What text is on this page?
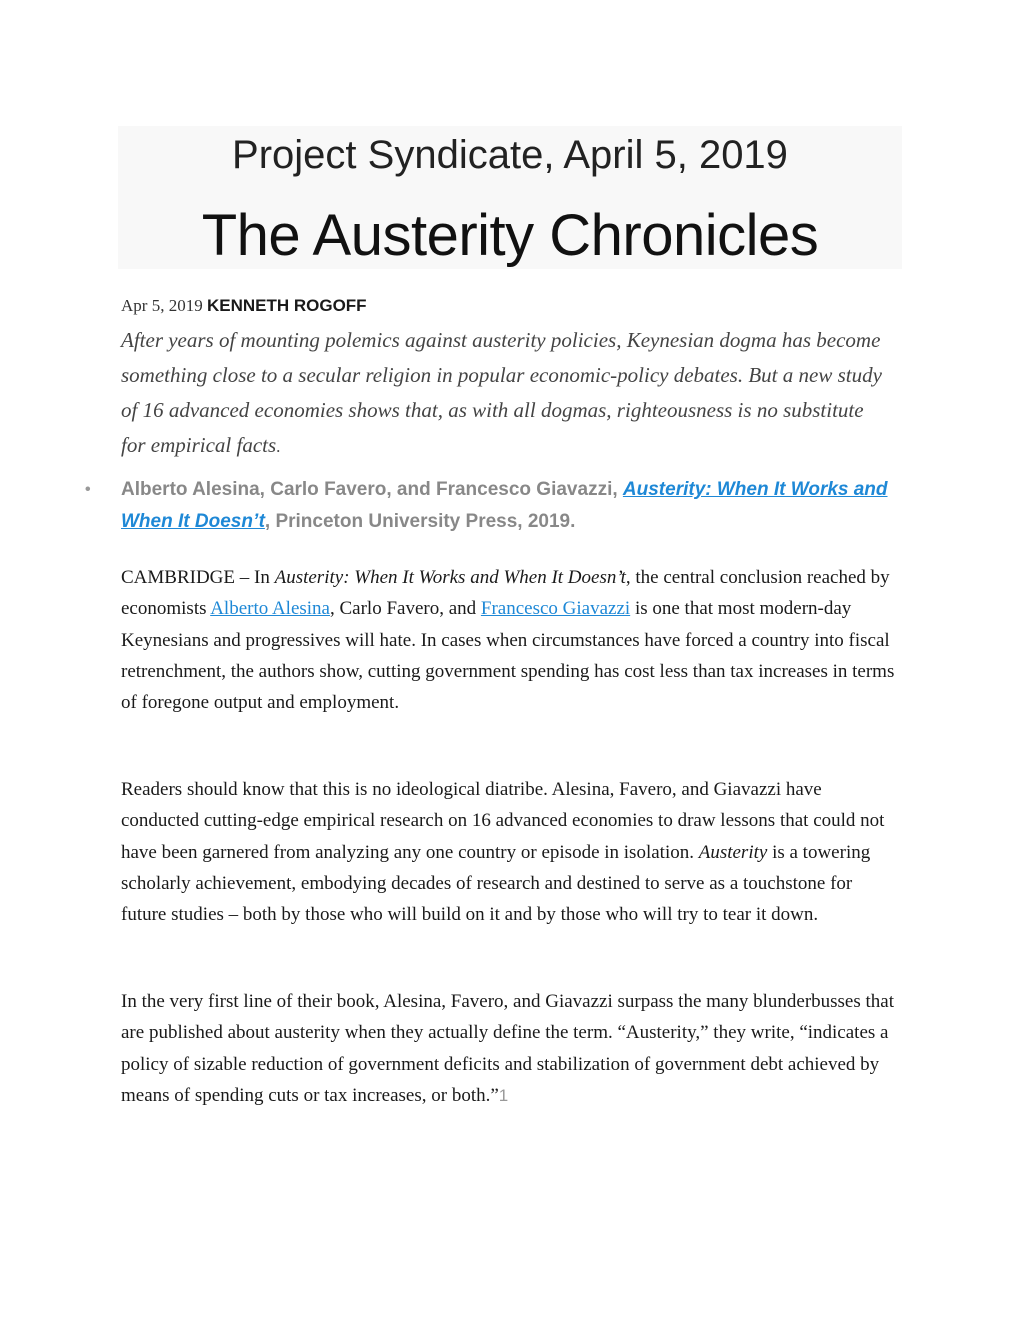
Project Syndicate, April 5, 2019
The Austerity Chronicles
Apr 5, 2019 KENNETH ROGOFF
After years of mounting polemics against austerity policies, Keynesian dogma has become something close to a secular religion in popular economic-policy debates. But a new study of 16 advanced economies shows that, as with all dogmas, righteousness is no substitute for empirical facts.
• Alberto Alesina, Carlo Favero, and Francesco Giavazzi, Austerity: When It Works and When It Doesn’t, Princeton University Press, 2019.

CAMBRIDGE – In Austerity: When It Works and When It Doesn’t, the central conclusion reached by economists Alberto Alesina, Carlo Favero, and Francesco Giavazzi is one that most modern-day Keynesians and progressives will hate. In cases when circumstances have forced a country into fiscal retrenchment, the authors show, cutting government spending has cost less than tax increases in terms of foregone output and employment.

Readers should know that this is no ideological diatribe. Alesina, Favero, and Giavazzi have conducted cutting-edge empirical research on 16 advanced economies to draw lessons that could not have been garnered from analyzing any one country or episode in isolation. Austerity is a towering scholarly achievement, embodying decades of research and destined to serve as a touchstone for future studies – both by those who will build on it and by those who will try to tear it down.

In the very first line of their book, Alesina, Favero, and Giavazzi surpass the many blunderbusses that are published about austerity when they actually define the term. “Austerity,” they write, “indicates a policy of sizable reduction of government deficits and stabilization of government debt achieved by means of spending cuts or tax increases, or both.”1
